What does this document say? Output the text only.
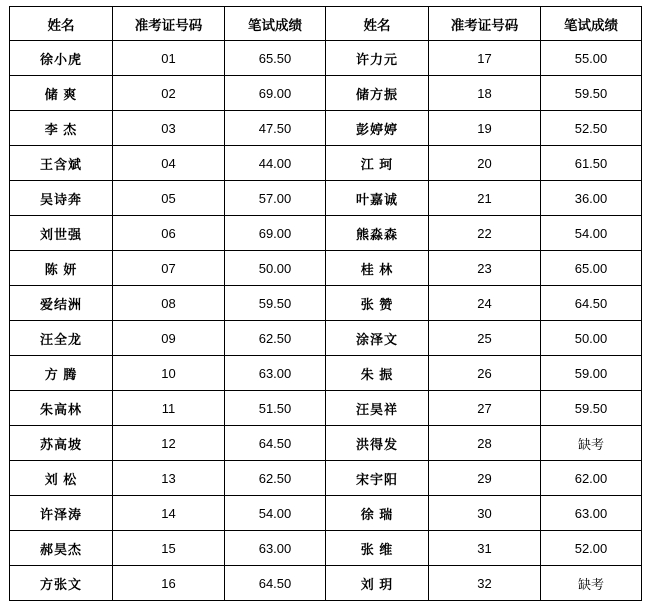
姓名	准考证号码	笔试成绩	姓名	准考证号码	笔试成绩
徐小虎	01	65.50	许力元	17	55.00
储 爽	02	69.00	储方振	18	59.50
李 杰	03	47.50	彭婷婷	19	52.50
王含斌	04	44.00	江 珂	20	61.50
吴诗奔	05	57.00	叶嘉诚	21	36.00
刘世强	06	69.00	熊淼森	22	54.00
陈 妍	07	50.00	桂 林	23	65.00
爱结洲	08	59.50	张 赞	24	64.50
汪全龙	09	62.50	涂泽文	25	50.00
方 腾	10	63.00	朱 振	26	59.00
朱高林	11	51.50	汪昊祥	27	59.50
苏高坡	12	64.50	洪得发	28	缺考
刘 松	13	62.50	宋宇阳	29	62.00
许泽涛	14	54.00	徐 瑞	30	63.00
郝昊杰	15	63.00	张 维	31	52.00
方张文	16	64.50	刘 玥	32	缺考
